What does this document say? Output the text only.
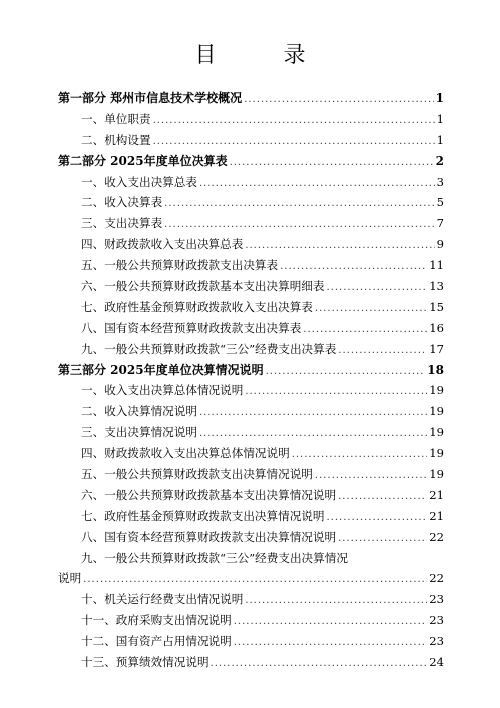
目 录
第一部分 郑州市信息技术学校概况 .....	1
一、单位职责 .....	1
二、机构设置 .....	1
第二部分 2025年度单位决算表 .....	2
一、收入支出决算总表 .....	3
二、收入决算表 .....	5
三、支出决算表 .....	7
四、财政拨款收入支出决算总表 .....	9
五、一般公共预算财政拨款支出决算表 .....	11
六、一般公共预算财政拨款基本支出决算明细表 .....	13
七、政府性基金预算财政拨款收入支出决算表 .....	15
八、国有资本经营预算财政拨款支出决算表 .....	16
九、一般公共预算财政拨款“三公”经费支出决算表 .....	17
第三部分 2025年度单位决算情况说明 .....	18
一、收入支出决算总体情况说明 .....	19
二、收入决算情况说明 .....	19
三、支出决算情况说明 .....	19
四、财政拨款收入支出决算总体情况说明 .....	19
五、一般公共预算财政拨款支出决算情况说明 .....	19
六、一般公共预算财政拨款基本支出决算情况说明 .....	21
七、政府性基金预算财政拨款支出决算情况说明 .....	21
八、国有资本经营预算财政拨款支出决算情况说明 .....	22
九、一般公共预算财政拨款“三公”经费支出决算情况
说明 .....	22
十、机关运行经费支出情况说明 .....	23
十一、政府采购支出情况说明 .....	23
十二、国有资产占用情况说明 .....	23
十三、预算绩效情况说明 .....	24
